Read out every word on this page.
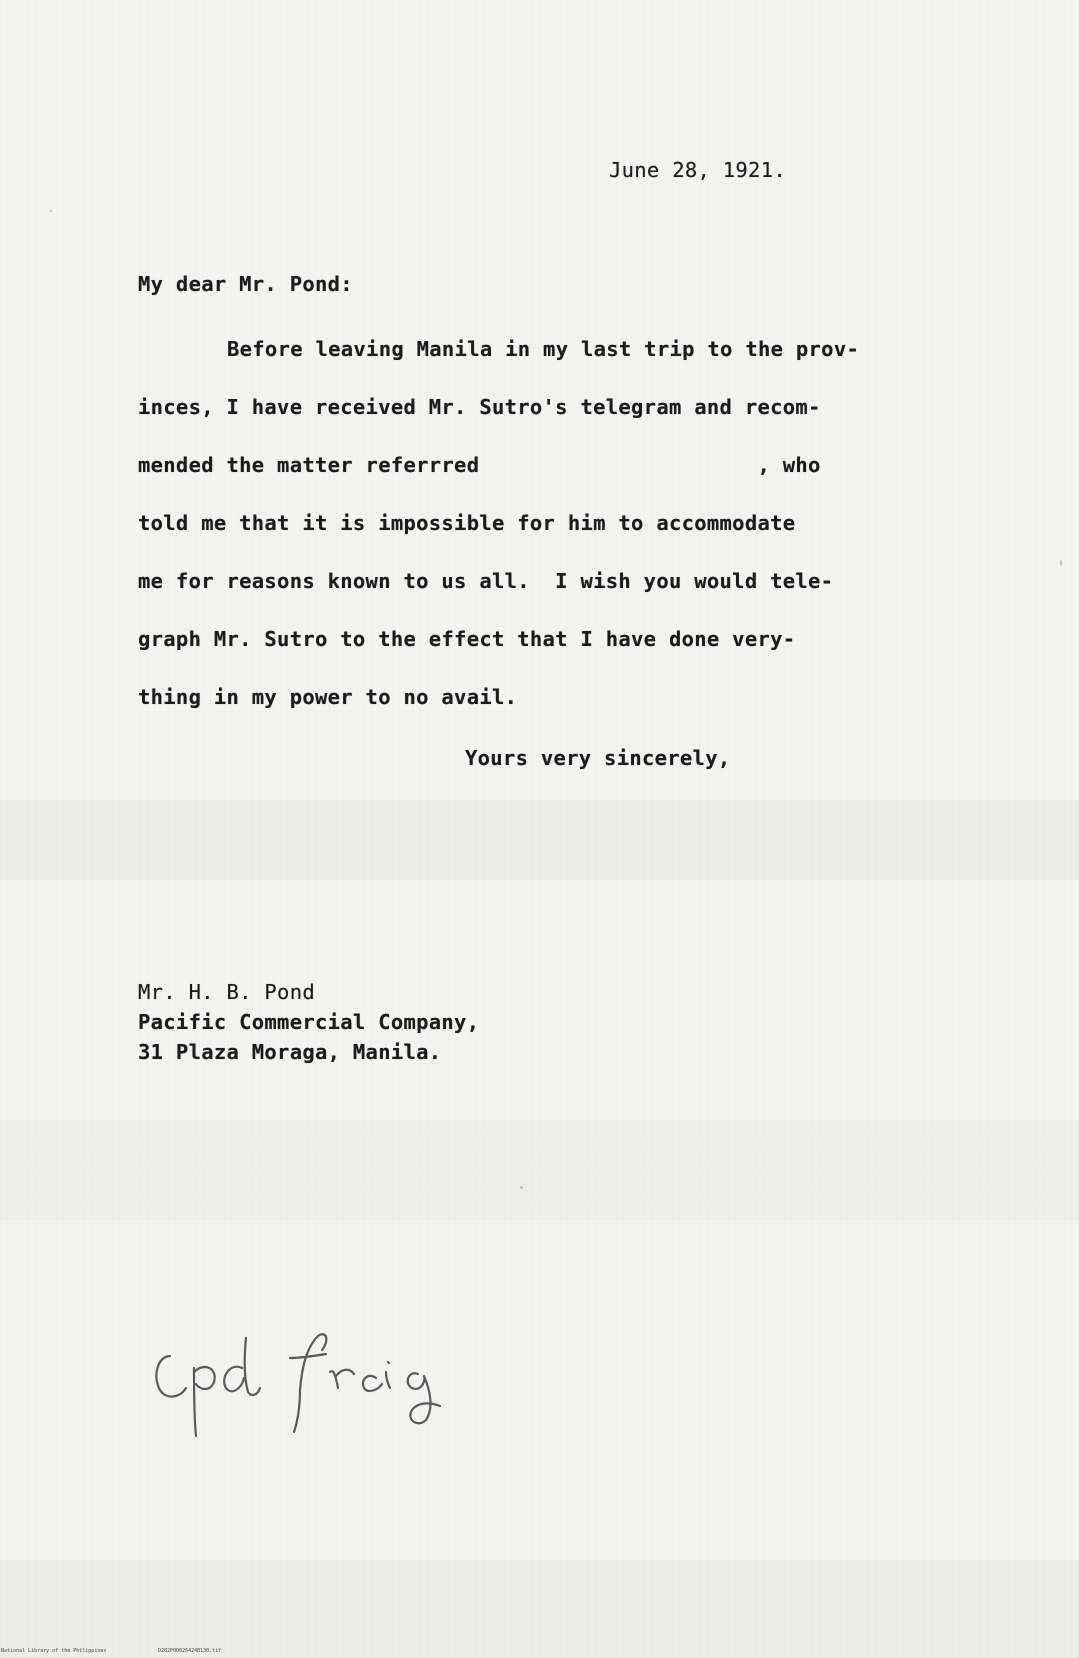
June 28, 1921.
My dear Mr. Pond:
Before leaving Manila in my last trip to the prov-
inces, I have received Mr. Sutro's telegram and recom-
mended the matter referrred                      , who
told me that it is impossible for him to accommodate
me for reasons known to us all.  I wish you would tele-
graph Mr. Sutro to the effect that I have done very-
thing in my power to no avail.
Yours very sincerely,
Mr. H. B. Pond
Pacific Commercial Company,
31 Plaza Moraga, Manila.
National Library of the Philippines	D282P00026424B130.tif
